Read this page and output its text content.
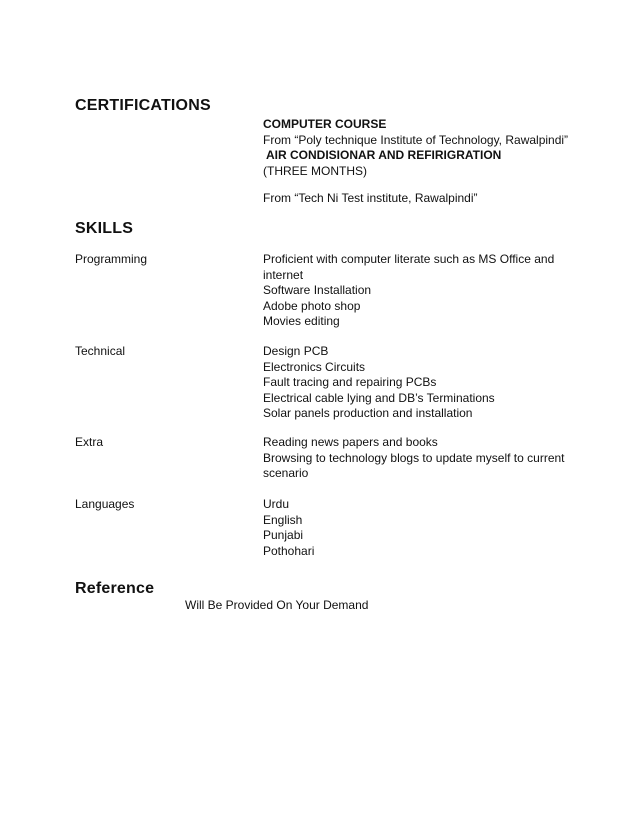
CERTIFICATIONS
COMPUTER COURSE
From “Poly technique Institute of Technology, Rawalpindi”
AIR CONDISIONAR AND REFIRIGRATION
(THREE MONTHS)
From “Tech Ni Test institute, Rawalpindi”
SKILLS
Programming	Proficient with computer literate such as MS Office and internet
Software Installation
Adobe photo shop
Movies editing
Technical	Design PCB
Electronics Circuits
Fault tracing and repairing PCBs
Electrical cable lying and DB’s Terminations
Solar panels production and installation
Extra	Reading news papers and books
Browsing to technology blogs to update myself to current scenario
Languages	Urdu
English
Punjabi
Pothohari
Reference
Will Be Provided On Your Demand
